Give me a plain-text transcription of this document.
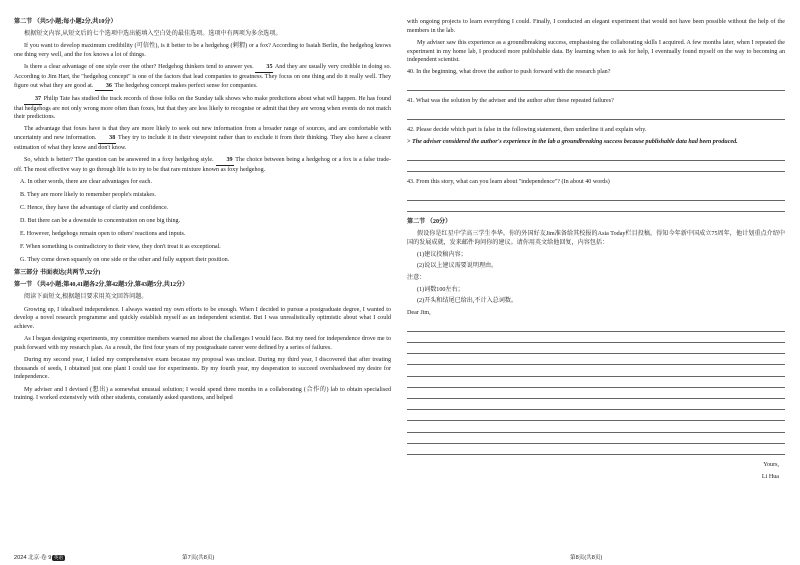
第二节 （共5小题;每小题2分,共10分）

根据短文内容,从短文后的七个选项中选出能填入空白处的最佳选项。选项中有两项为多余选项。

If you want to develop maximum credibility (可信性), is it better to be a hedgehog (刺猬) or a fox? According to Isaiah Berlin, the hedgehog knows one thing very well, and the fox knows a lot of things.

Is there a clear advantage of one style over the other? Hedgehog thinkers tend to answer yes. 35 And they are usually very credible in doing so. According to Jim Hart, the "hedgehog concept" is one of the factors that lead companies to greatness. They focus on one thing and do it really well. They figure out what they are good at. 36 The hedgehog concept makes perfect sense for companies.

37 Philip Tate has studied the track records of those folks on the Sunday talk shows who make predictions about what will happen. He has found that hedgehogs are not only wrong more often than foxes, but that they are less likely to recognise or admit that they are wrong when events do not match their predictions.

The advantage that foxes have is that they are more likely to seek out new information from a broader range of sources, and are comfortable with uncertainty and new information. 38 They try to include it in their viewpoint rather than to exclude it from their thinking. They also have a clearer estimation of what they know and don't know.

So, which is better? The question can be answered in a foxy hedgehog style. 39 The choice between being a hedgehog or a fox is a false trade-off. The most effective way to go through life is to try to be that rare mixture known as foxy hedgehog.

A. In other words, there are clear advantages for each.

B. They are more likely to remember people's mistakes.

C. Hence, they have the advantage of clarity and confidence.

D. But there can be a downside to concentration on one big thing.

E. However, hedgehogs remain open to others' reactions and inputs.

F. When something is contradictory to their view, they don't treat it as exceptional.

G. They come down squarely on one side or the other and fully support their position.

第三部分 书面表达(共两节,32分)

第一节 （共4小题;第40,41题各2分,第42题3分,第43题5分,共12分）

阅读下面短文,根据题目要求用英文回答问题。

Growing up, I idealised independence. I always wanted my own efforts to be enough. When I decided to pursue a postgraduate degree, I wanted to develop a novel research programme and quickly establish myself as an independent scientist. But I was unrealistically optimistic about what I could achieve.

As I began designing experiments, my committee members warned me about the challenges I would face. But my need for independence drove me to push forward with my research plan. As a result, the first four years of my postgraduate career were defined by a series of failures.

During my second year, I failed my comprehensive exam because my proposal was unclear. During my third year, I discovered that after treating thousands of seeds, I obtained just one plant I could use for experiments. By my fourth year, my desperation to succeed overshadowed my desire for independence.

My adviser and I devised (想出) a somewhat unusual solution; I would spend three months in a collaborating (合作的) lab to obtain specialised training. I worked extensively with other students, constantly asked questions, and helped

with ongoing projects to learn everything I could. Finally, I conducted an elegant experiment that would not have been possible without the help of the members in the lab.

My adviser saw this experience as a groundbreaking success, emphasising the collaborating skills I acquired. A few months later, when I repeated the experiment in my home lab, I produced more publishable data. By learning when to ask for help, I eventually found myself on the way to becoming an independent scientist.

40. In the beginning, what drove the author to push forward with the research plan?

41. What was the solution by the adviser and the author after these repeated failures?

42. Please decide which part is false in the following statement, then underline it and explain why.

> The adviser considered the author's experience in the lab a groundbreaking success because publishable data had been produced.

43. From this story, what can you learn about "independence"? (In about 40 words)

第二节 （20分）

假设你是红星中学高三学生李华。你的外国好友Jim准备给其校报的Asia Today栏目投稿，得知今年新中国成立75周年，他计划重点介绍中国的发展成就，发来邮件询问你的建议。请你用英文给他回复，内容包括：

(1)建议投稿内容；

(2)说以上建议需要说明理由。

注意：

(1)词数100左右；

(2)开头和结尾已给出,不计入总词数。

Dear Jim,

Yours,

Li Hua

2024 北京·卷 9 英语	第7页(共8页)	第8页(共8页)
